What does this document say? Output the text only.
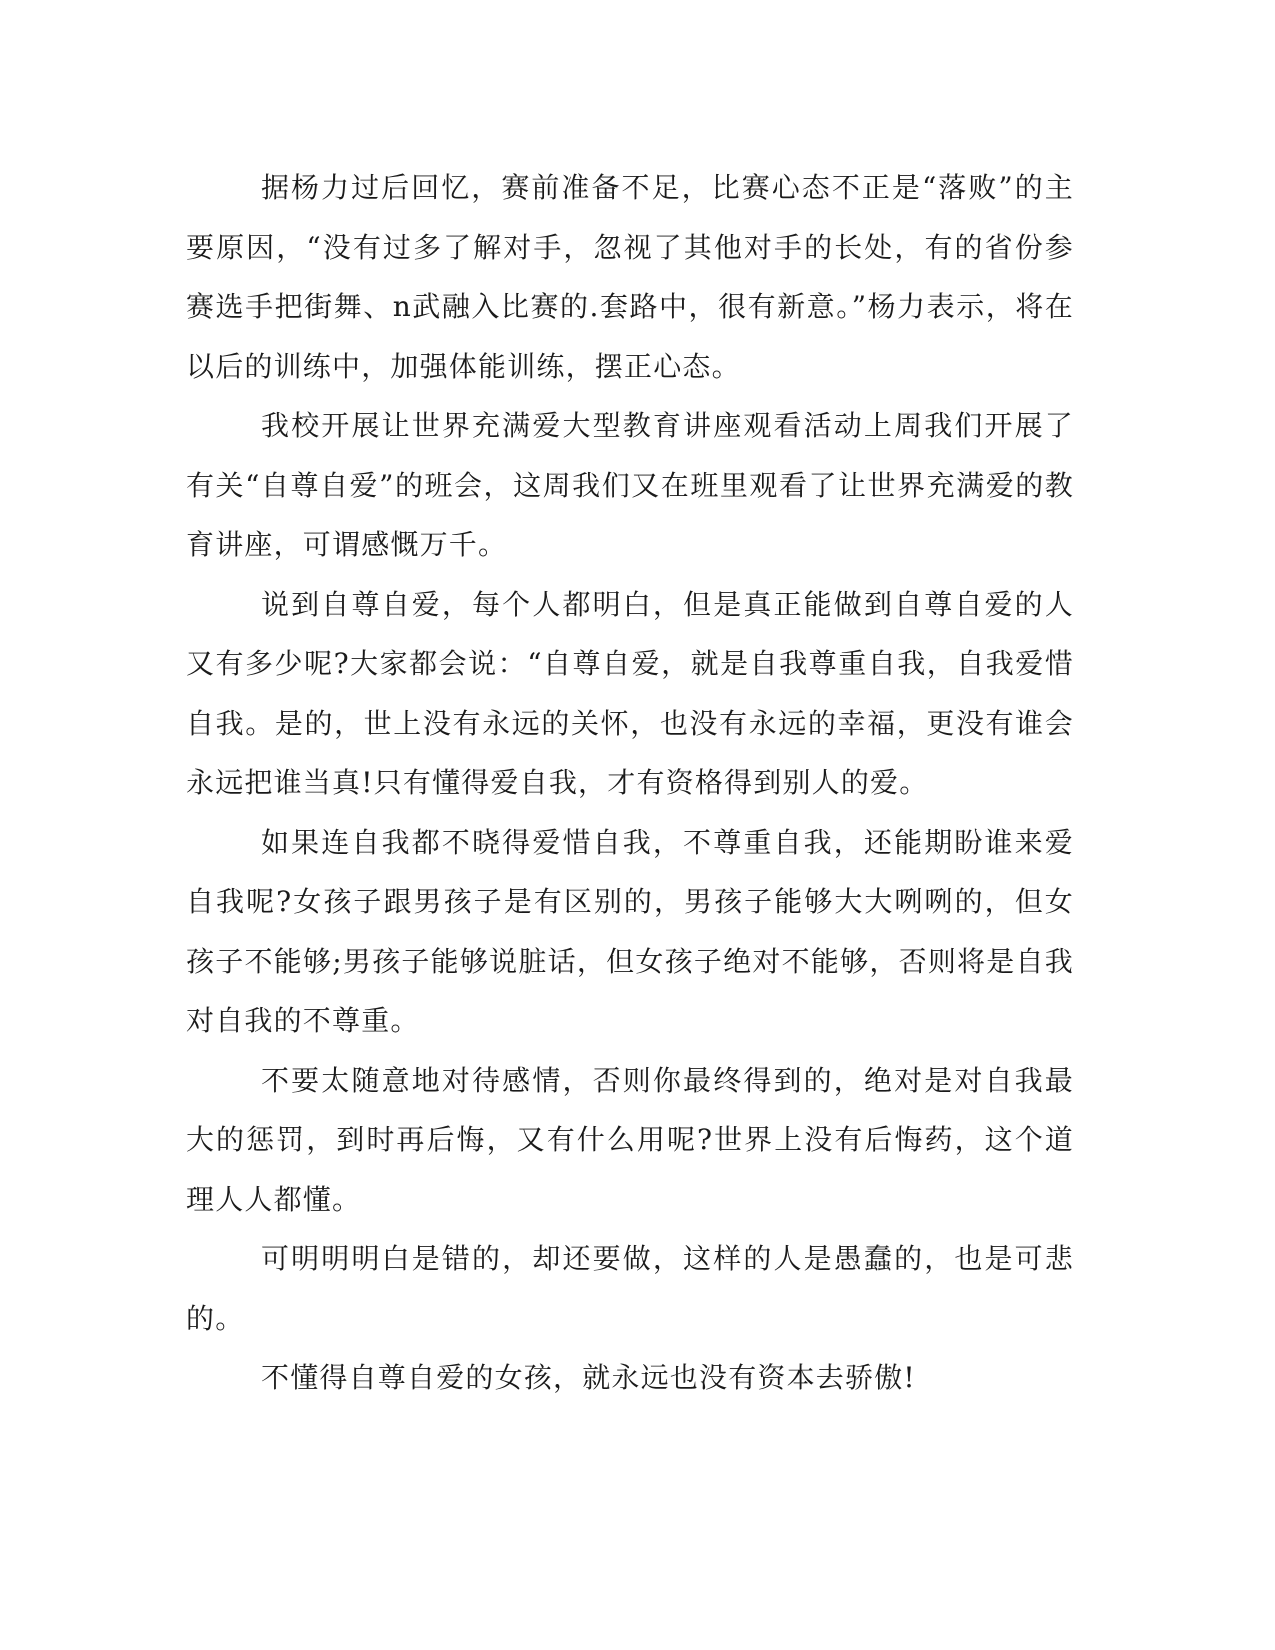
据杨力过后回忆，赛前准备不足，比赛心态不正是“落败”的主要原因，“没有过多了解对手，忽视了其他对手的长处，有的省份参赛选手把街舞、n武融入比赛的.套路中，很有新意。”杨力表示，将在以后的训练中，加强体能训练，摆正心态。

我校开展让世界充满爱大型教育讲座观看活动上周我们开展了有关“自尊自爱”的班会，这周我们又在班里观看了让世界充满爱的教育讲座，可谓感慨万千。

说到自尊自爱，每个人都明白，但是真正能做到自尊自爱的人又有多少呢?大家都会说：“自尊自爱，就是自我尊重自我，自我爱惜自我。是的，世上没有永远的关怀，也没有永远的幸福，更没有谁会永远把谁当真!只有懂得爱自我，才有资格得到别人的爱。

如果连自我都不晓得爱惜自我，不尊重自我，还能期盼谁来爱自我呢?女孩子跟男孩子是有区别的，男孩子能够大大咧咧的，但女孩子不能够;男孩子能够说脏话，但女孩子绝对不能够，否则将是自我对自我的不尊重。

不要太随意地对待感情，否则你最终得到的，绝对是对自我最大的惩罚，到时再后悔，又有什么用呢?世界上没有后悔药，这个道理人人都懂。

可明明明白是错的，却还要做，这样的人是愚蠢的，也是可悲的。

不懂得自尊自爱的女孩，就永远也没有资本去骄傲!
